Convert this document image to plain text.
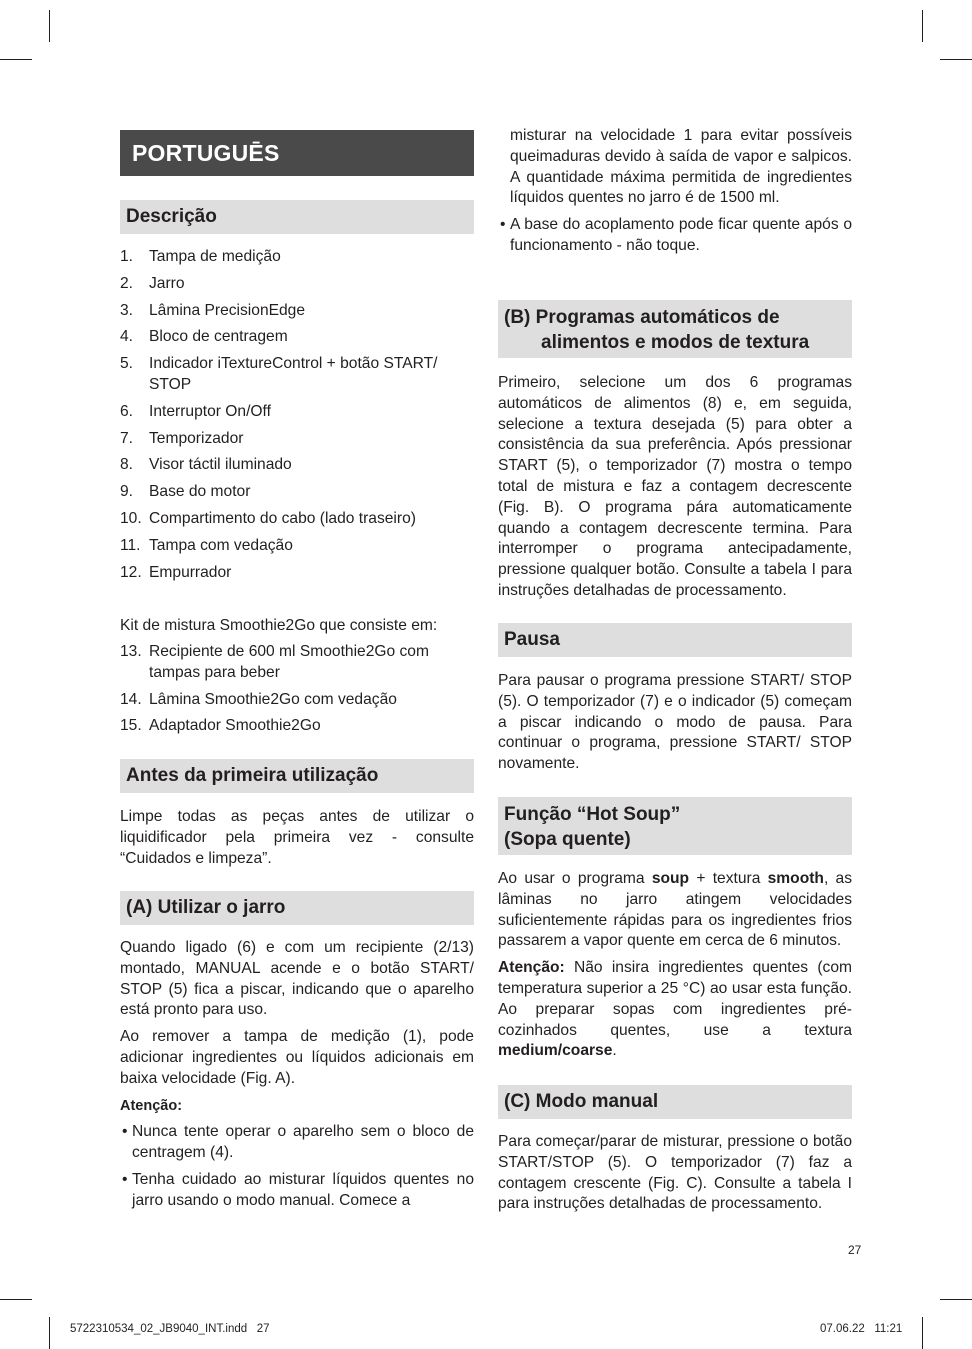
PORTUGUĒS
Descrição
1. Tampa de medição
2. Jarro
3. Lâmina PrecisionEdge
4. Bloco de centragem
5. Indicador iTextureControl + botão START/ STOP
6. Interruptor On/Off
7. Temporizador
8. Visor táctil iluminado
9. Base do motor
10. Compartimento do cabo (lado traseiro)
11. Tampa com vedação
12. Empurrador
Kit de mistura Smoothie2Go que consiste em:
13. Recipiente de 600 ml Smoothie2Go com tampas para beber
14. Lâmina Smoothie2Go com vedação
15. Adaptador Smoothie2Go
Antes da primeira utilização
Limpe todas as peças antes de utilizar o liquidificador pela primeira vez - consulte “Cuidados e limpeza”.
(A) Utilizar o jarro

Quando ligado (6) e com um recipiente (2/13) montado, MANUAL acende e o botão START/ STOP (5) fica a piscar, indicando que o aparelho está pronto para uso.

Ao remover a tampa de medição (1), pode adicionar ingredientes ou líquidos adicionais em baixa velocidade (Fig. A).

Atenção:

• Nunca tente operar o aparelho sem o bloco de centragem (4).
• Tenha cuidado ao misturar líquidos quentes no jarro usando o modo manual. Comece a

misturar na velocidade 1 para evitar possíveis queimaduras devido à saída de vapor e salpicos. A quantidade máxima permitida de ingredientes líquidos quentes no jarro é de 1500 ml.

• A base do acoplamento pode ficar quente após o funcionamento - não toque.
(B) Programas automáticos de
alimentos e modos de textura
Primeiro, selecione um dos 6 programas automáticos de alimentos (8) e, em seguida, selecione a textura desejada (5) para obter a consistência da sua preferência. Após pressionar START (5), o temporizador (7) mostra o tempo total de mistura e faz a contagem decrescente (Fig. B). O programa pára automaticamente quando a contagem decrescente termina. Para interromper o programa antecipadamente, pressione qualquer botão. Consulte a tabela I para instruções detalhadas de processamento.
Pausa
Para pausar o programa pressione START/ STOP (5). O temporizador (7) e o indicador (5) começam a piscar indicando o modo de pausa. Para continuar o programa, pressione START/ STOP novamente.
Função “Hot Soup”
(Sopa quente)

Ao usar o programa soup + textura smooth, as lâminas no jarro atingem velocidades suficientemente rápidas para os ingredientes frios passarem a vapor quente em cerca de 6 minutos.

Atenção: Não insira ingredientes quentes (com temperatura superior a 25 °C) ao usar esta função. Ao preparar sopas com ingredientes pré-cozinhados quentes, use a textura medium/coarse.

(C) Modo manual
Para começar/parar de misturar, pressione o botão START/STOP (5). O temporizador (7) faz a contagem crescente (Fig. C). Consulte a tabela I para instruções detalhadas de processamento.
27
5722310534_02_JB9040_INT.indd   27	07.06.22   11:21
